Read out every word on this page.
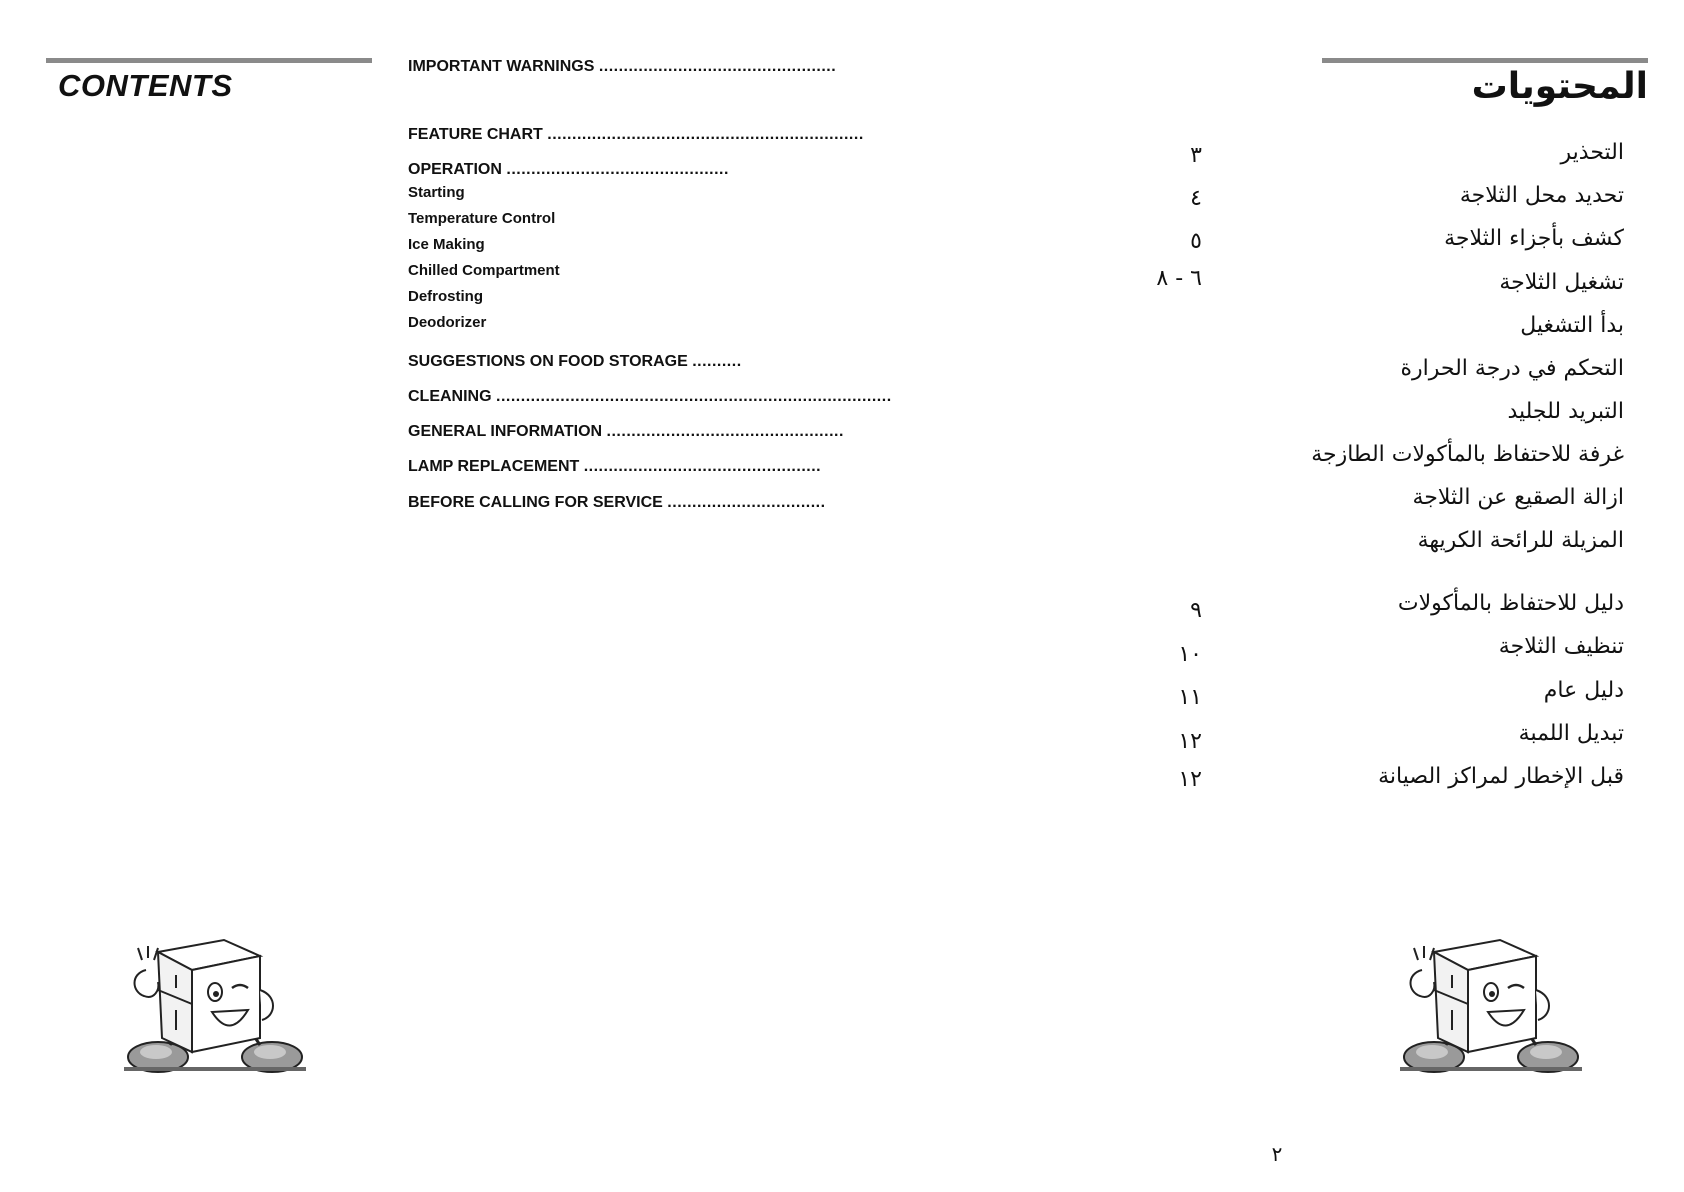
CONTENTS	المحتويات
IMPORTANT WARNINGS ................................................
FEATURE CHART ................................................................
OPERATION .............................................
Starting
Temperature Control
Ice Making
Chilled Compartment
Defrosting
Deodorizer
SUGGESTIONS ON FOOD STORAGE ..........
CLEANING ................................................................................
GENERAL INFORMATION ................................................
LAMP REPLACEMENT ................................................
BEFORE CALLING FOR SERVICE ................................
التحذير
٣
تحديد محل الثلاجة
٤
كشف بأجزاء الثلاجة
٥
تشغيل الثلاجة
٦ - ٨
بدأ التشغيل
التحكم في درجة الحرارة
التبريد للجليد
غرفة للاحتفاظ بالمأكولات الطازجة
ازالة الصقيع عن الثلاجة
المزيلة للرائحة الكريهة
دليل للاحتفاظ بالمأكولات
٩
تنظيف الثلاجة
١٠
دليل عام
١١
تبديل اللمبة
١٢
قبل الإخطار لمراكز الصيانة
١٢
٢
